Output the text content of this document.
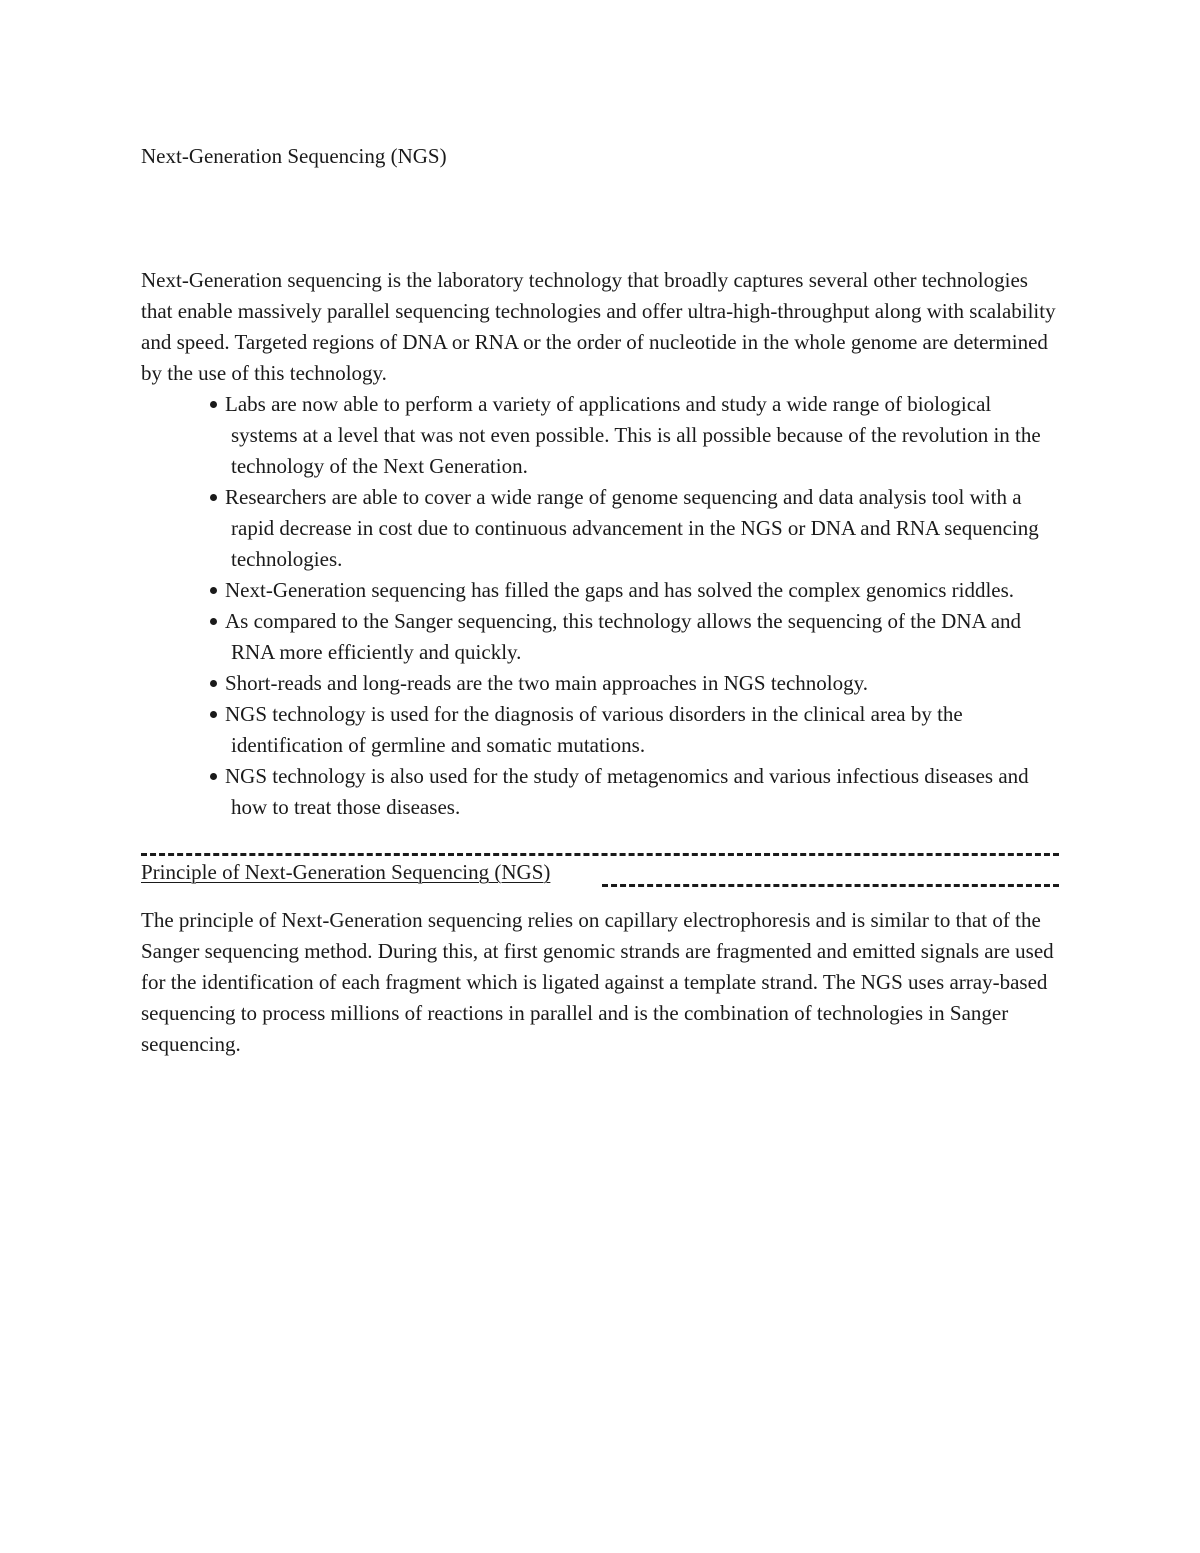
Next-Generation Sequencing (NGS)

Next-Generation sequencing is the laboratory technology that broadly captures several other technologies that enable massively parallel sequencing technologies and offer ultra-high-throughput along with scalability and speed. Targeted regions of DNA or RNA or the order of nucleotide in the whole genome are determined by the use of this technology.

Labs are now able to perform a variety of applications and study a wide range of biological systems at a level that was not even possible. This is all possible because of the revolution in the technology of the Next Generation.
Researchers are able to cover a wide range of genome sequencing and data analysis tool with a rapid decrease in cost due to continuous advancement in the NGS or DNA and RNA sequencing technologies.
Next-Generation sequencing has filled the gaps and has solved the complex genomics riddles.
As compared to the Sanger sequencing, this technology allows the sequencing of the DNA and RNA more efficiently and quickly.
Short-reads and long-reads are the two main approaches in NGS technology.
NGS technology is used for the diagnosis of various disorders in the clinical area by the identification of germline and somatic mutations.
NGS technology is also used for the study of metagenomics and various infectious diseases and how to treat those diseases.
Principle of Next-Generation Sequencing (NGS)

The principle of Next-Generation sequencing relies on capillary electrophoresis and is similar to that of the Sanger sequencing method. During this, at first genomic strands are fragmented and emitted signals are used for the identification of each fragment which is ligated against a template strand. The NGS uses array-based sequencing to process millions of reactions in parallel and is the combination of technologies in Sanger sequencing.
